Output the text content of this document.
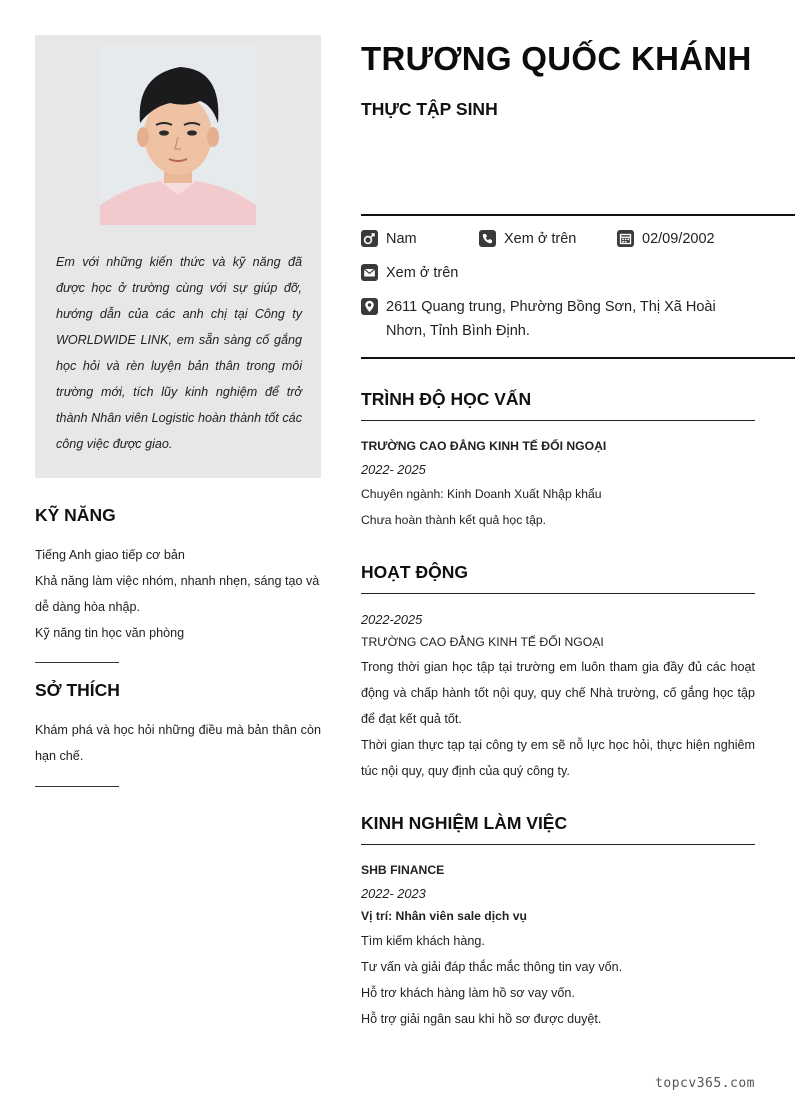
Em với những kiến thức và kỹ năng đã được học ở trường cùng với sự giúp đỡ, hướng dẫn của các anh chị tại Công ty WORLDWIDE LINK, em sẵn sàng cố gắng học hỏi và rèn luyện bản thân trong môi trường mới, tích lũy kinh nghiệm để trở thành Nhân viên Logistic hoàn thành tốt các công việc được giao.

KỸ NĂNG
Tiếng Anh giao tiếp cơ bản
Khả năng làm việc nhóm, nhanh nhẹn, sáng tạo và dễ dàng hòa nhập.
Kỹ năng tin học văn phòng
SỞ THÍCH

Khám phá và học hỏi những điều mà bản thân còn hạn chế.

TRƯƠNG QUỐC KHÁNH
THỰC TẬP SINH
Nam	Xem ở trên	02/09/2002
Xem ở trên
2611 Quang trung, Phường Bồng Sơn, Thị Xã Hoài Nhơn, Tỉnh Bình Định.
TRÌNH ĐỘ HỌC VẤN
TRƯỜNG CAO ĐẲNG KINH TẾ ĐỐI NGOẠI
2022- 2025
Chuyên ngành: Kinh Doanh Xuất Nhập khẩu
Chưa hoàn thành kết quả học tập.
HOẠT ĐỘNG
2022-2025
TRƯỜNG CAO ĐẲNG KINH TẾ ĐỐI NGOẠI

Trong thời gian học tập tại trường em luôn tham gia đầy đủ các hoạt động và chấp hành tốt nội quy, quy chế Nhà trường, cố gắng học tập để đạt kết quả tốt.

Thời gian thực tạp tại công ty em sẽ nỗ lực học hỏi, thực hiện nghiêm túc nội quy, quy định của quý công ty.

KINH NGHIỆM LÀM VIỆC
SHB FINANCE
2022- 2023
Vị trí: Nhân viên sale dịch vụ
Tìm kiếm khách hàng.
Tư vấn và giải đáp thắc mắc thông tin vay vốn.
Hỗ trơ khách hàng làm hồ sơ vay vốn.
Hỗ trợ giải ngân sau khi hồ sơ được duyệt.
topcv365.com
